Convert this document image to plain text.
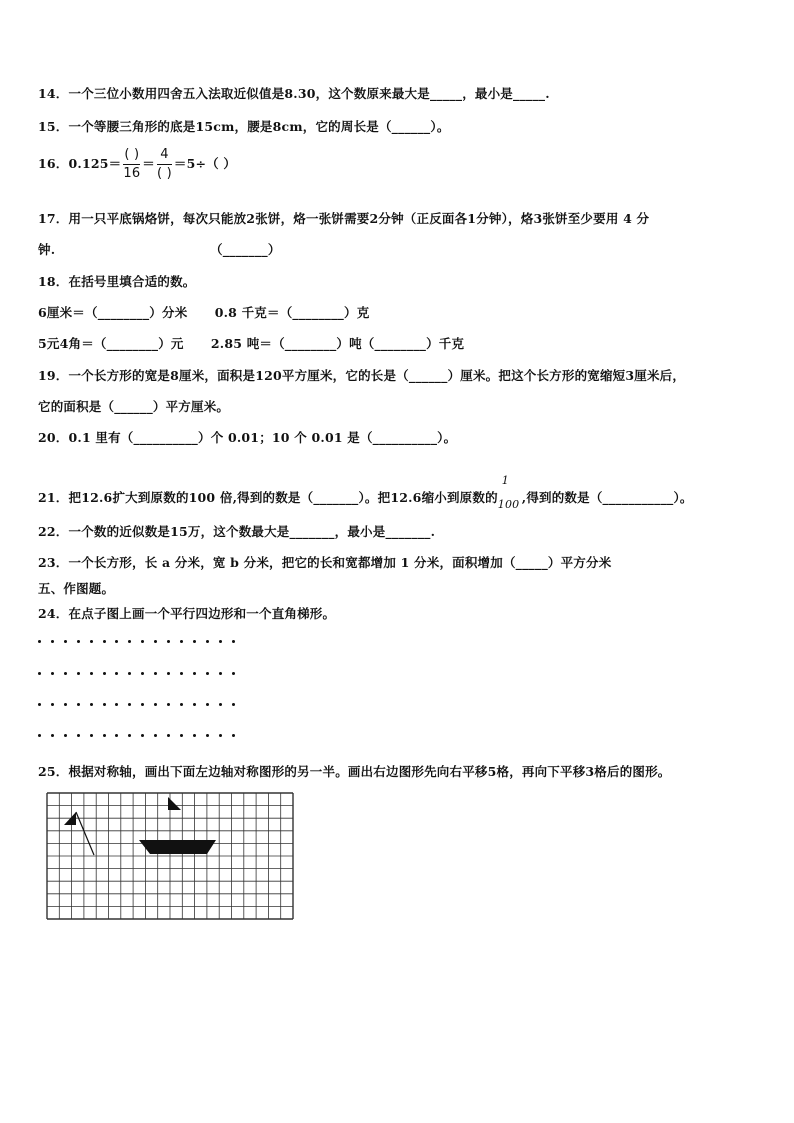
14．一个三位小数用四舍五入法取近似值是8.30，这个数原来最大是_____，最小是_____.
15．一个等腰三角形的底是15cm，腰是8cm，它的周长是（______）。
16．$0.125= \frac{( )}{16} = \frac{4}{( )} =5\div$（ ）
17．用一只平底锅烙饼，每次只能放2张饼，烙一张饼需要2分钟（正反面各1分钟），烙3张饼至少要用 4 分
钟.	（_______）
18．在括号里填合适的数。
6厘米＝（________）分米      0.8 千克＝（________）克
5元4角＝（________）元      2.85 吨＝（________）吨（________）千克
19．一个长方形的宽是8厘米，面积是120平方厘米，它的长是（______）厘米。把这个长方形的宽缩短3厘米后，
它的面积是（______）平方厘米。
20．0.1 里有（__________）个 0.01；10 个 0.01 是（__________）。
21．把12.6扩大到原数的100 倍,得到的数是（_______）。把12.6缩小到原数的
1
100 ,得到的数是（___________）。
22．一个数的近似数是15万，这个数最大是_______，最小是_______.
23．一个长方形，长 a 分米，宽 b 分米，把它的长和宽都增加 1 分米，面积增加（_____）平方分米
五、作图题。
24．在点子图上画一个平行四边形和一个直角梯形。
25．根据对称轴，画出下面左边轴对称图形的另一半。画出右边图形先向右平移5格，再向下平移3格后的图形。
